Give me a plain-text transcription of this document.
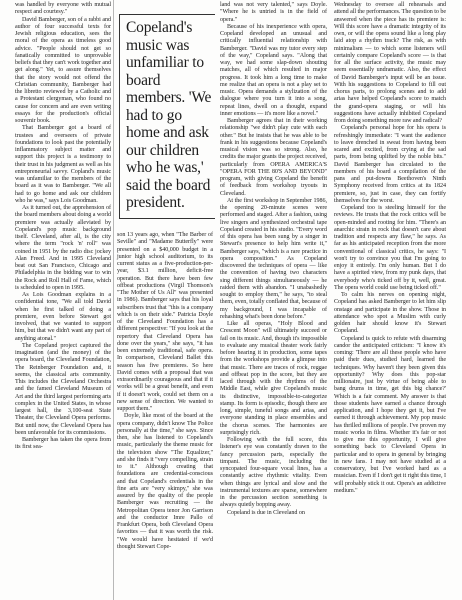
was handled by everyone with mutual respect and courtesy."

David Bamberger, son of a rabbi and author of four successful texts for Jewish religious education, sees the moral of the opera as timeless good advice. "People should not get so fanatically committed to unprovable beliefs that they can't work together and get along." Yet, to assure themselves that the story would not offend the Christian community, Bamberger had the libretto reviewed by a Catholic and a Protestant clergyman, who found no cause for concern and are even writing essays for the production's official souvenir book.

That Bamberger got a board of trustees and overseers of private foundations to look past the potentially inflammatory subject matter and support this project is a testimony to their trust in his judgment as well as his entrepreneurial savvy. Copland's music was unfamiliar to the members of the board as it was to Bamberger. "We all had to go home and ask our children who he was," says Lois Goodman.

As it turned out, the apprehension of the board members about doing a world premiere was actually alleviated by Copeland's pop music background itself. Cleveland, after all, is the city where the term "rock 'n' roll" was coined in 1951 by the radio disc jockey Alan Freed. And in 1995 Cleveland beat out San Francisco, Chicago and Philadelphia in the bidding war to win the Rock and Roll Hall of Fame, which is scheduled to open in 1995.

As Lois Goodman explains in a confidential tone, "We all told David when he first talked of doing a premiere, even before Stewart got involved, that we wanted to support him, but that we didn't want any part of anything atonal."

The Copeland project captured the imagination (and the money) of the opera board, the Cleveland Foundation, The Reinberger Foundation and, it seems, the classical arts community. This includes the Cleveland Orchestra and the famed Cleveland Museum of Art and the third largest performing arts complex in the United States, in whose largest hall, the 3,100-seat State Theater, the Cleveland Opera performs. But until now, the Cleveland Opera has been unfavorable for its commissions.

Bamberger has taken the opera from its first sea-

Copeland's music was unfamiliar to board members. 'We had to go home and ask our children who he was,' said the board president.

son 13 years ago, when "The Barber of Seville" and "Madame Butterfly" were presented on a $40,000 budget in a junior high school auditorium, to its current status as a five-production-per-year, $3.1 million, deficit-free operation. But there have been few offbeat productions (Virgil Thomson's "The Mother of Us All" was presented in 1986). Bamberger says that his loyal subscribers trust that "this is a company which is on their side." Patricia Doyle of the Cleveland Foundation has a different perspective: "If you look at the repertory that Cleveland Opera has done over the years," she says, "it has been extremely traditional, safe opera. In comparison, Cleveland Ballet this season has five premieres. So here David comes with a proposal that was extraordinarily courageous and that if it works will be a great benefit, and even if it doesn't work, could set them on a new sense of direction. We wanted to support them."

Doyle, like most of the board at the opera company, didn't know The Police personally at the time," she says. Since then, she has listened to Copeland's music, particularly the theme music for the television show "The Equalizer," and she finds it "very compelling, strain to it." Although creating that foundations are credential-conscious and that Copeland's credentials in the fine arts are "very skimpy," she was assured by the quality of the people Bamberger was recruiting — the Metropolitan Opera tenor Jon Garrison and the conductor Imre Pallo of Frankfurt Opera, both Cleveland Opera favorites — that it was worth the risk. "We would have hesitated if we'd thought Stewart Cope-

land was not very talented," says Doyle. "Where he is untried is in the field of opera."

Because of his inexperience with opera, Copeland developed an unusual and critically influential relationship with Bamberger. "David was my tutor every step of the way," Copeland says. "Along that way, we had some slap-down shouting matches, all of which resulted in major progress. It took him a long time to make me realize that an opera is not a play set to music. Opera demands a stylization of the dialogue where you turn it into a song, repeat lines, dwell on a thought, expand inner emotions — it's more like a novel."

Bamberger agrees that in their working relationship "we didn't play cute with each other." But he insists that he was able to be frank in his suggestions because Copeland's musical vision was so strong. Also, he credits the major grants the project received, particularly from OPERA AMERICA'S "OPERA FOR THE 80'S AND BEYOND" program, with giving Copeland the benefit of feedback from workshop tryouts in Cleveland.

At the first workshop in September 1986, the opening 20-minute scenes were performed and staged. After a fashion, using live singers and synthesized orchestral tape Copeland created in his studio. "Every word of this opera has been sung by a singer in Stewart's presence to help him write it," Bamberger says, "which is a rare practice in opera composition." As Copeland discovered the techniques of opera — like the convention of having two characters sing different things simultaneously — he raided them with abandon. "I unabashedly sought to employ them," he says, "to steal them, even, totally conflated that, because of my background, I was incapable of rehashing what's been done before."

Like all operas, "Holy Blood and Crescent Moon" will ultimately succeed or fail on its music. And, though it's impossible to evaluate any musical theater work fairly before hearing it in production, some tapes from the workshops provide a glimpse into that music. There are traces of rock, reggae and offbeat pop in the score, but they are laced through with the rhythms of the Middle East, while give Copeland's music its distinctive, impossible-to-categorize stamp. Its form is episodic, though there are long, simple, tuneful songs and arias, and everyone standing in place ensembles and the chorus scenes. The harmonies are surprisingly rich.

Following with the full score, this listener's eye was constantly drawn to the fancy percussion parts, especially the timpani. The music, including the syncopated four-square vocal lines, has a constantly active rhythmic vitality. Even when things are lyrical and slow and the instrumental textures are sparse, somewhere in the percussion section something is always quietly bopping away.

Copeland is due in Cleveland on

Wednesday to oversee all rehearsals and attend all the performances. The question to be answered when the piece has its premiere is: Will this score have a dramatic integrity of its own, or will the opera sound like a long play laid atop a rhythm track? The risk, as with minimalism — to which some listeners will certainly compare Copeland's score — is that for all the surface activity, the music may seem essentially undramatic. Also, the effect of David Bamberger's input will be an issue. With his suggestions to Copeland to fill out chorus parts, to prolong scenes and to add arias have helped Copeland's score to match the grand-opera staging, or will his suggestions have actually inhibited Copeland from doing something more raw and radical?

Copeland's personal hope for his opera is refreshingly immediate: "I want the audience to leave drenched in sweat from having been scared and excited, from crying at the sad parts, from being uplifted by the noble bits." David Bamberger has circulated to the members of his board a compilation of the pans and put-downs Beethoven's Ninth Symphony received from critics at its 1824 premiere, so, just in case, they can fortify themselves for the worst.

Copeland too is steeling himself for the reviews. He trusts that the rock critics will be open-minded and rooting for him. "There's an anarchic strain in rock that doesn't care about tradition and respects any flaw," he says. As far as his anticipated reception from the more conventional of classical critics, he says: "I won't try to convince you that I'm going to enjoy it entirely. I'm only human. But I do have a spirited view, from my punk days, that everybody who's ticked off by it, well, great. The opera world could use being ticked off."

To calm his nerves on opening night, Copeland has asked Bamberger to let him slip onstage and participate in the show. Those in attendance who spot a Muslim with curly golden hair should know it's Stewart Copeland.

Copeland is quick to refute with disarming candor the anticipated criticism: "I know it's coming: 'There are all these people who have paid their dues, studied hard, learned the techniques. Why haven't they been given this opportunity? Why does this pop-star millionaire, just by virtue of being able to bang drums in time, get this big chance?' Which is a fair comment. My answer is that those students have earned a chance through application, and I hope they get it, but I've earned it through achievement. My pop music has thrilled millions of people. I've proven my music works in films. Whether it's fair or not to give me this opportunity, I will give something back to Cleveland Opera in particular and to opera in general by bringing in new fans. I may not have studied at a conservatory, but I've worked hard as a musician. Even if I don't get it right this time, I will probably stick it out. Opera's an addictive medium."
